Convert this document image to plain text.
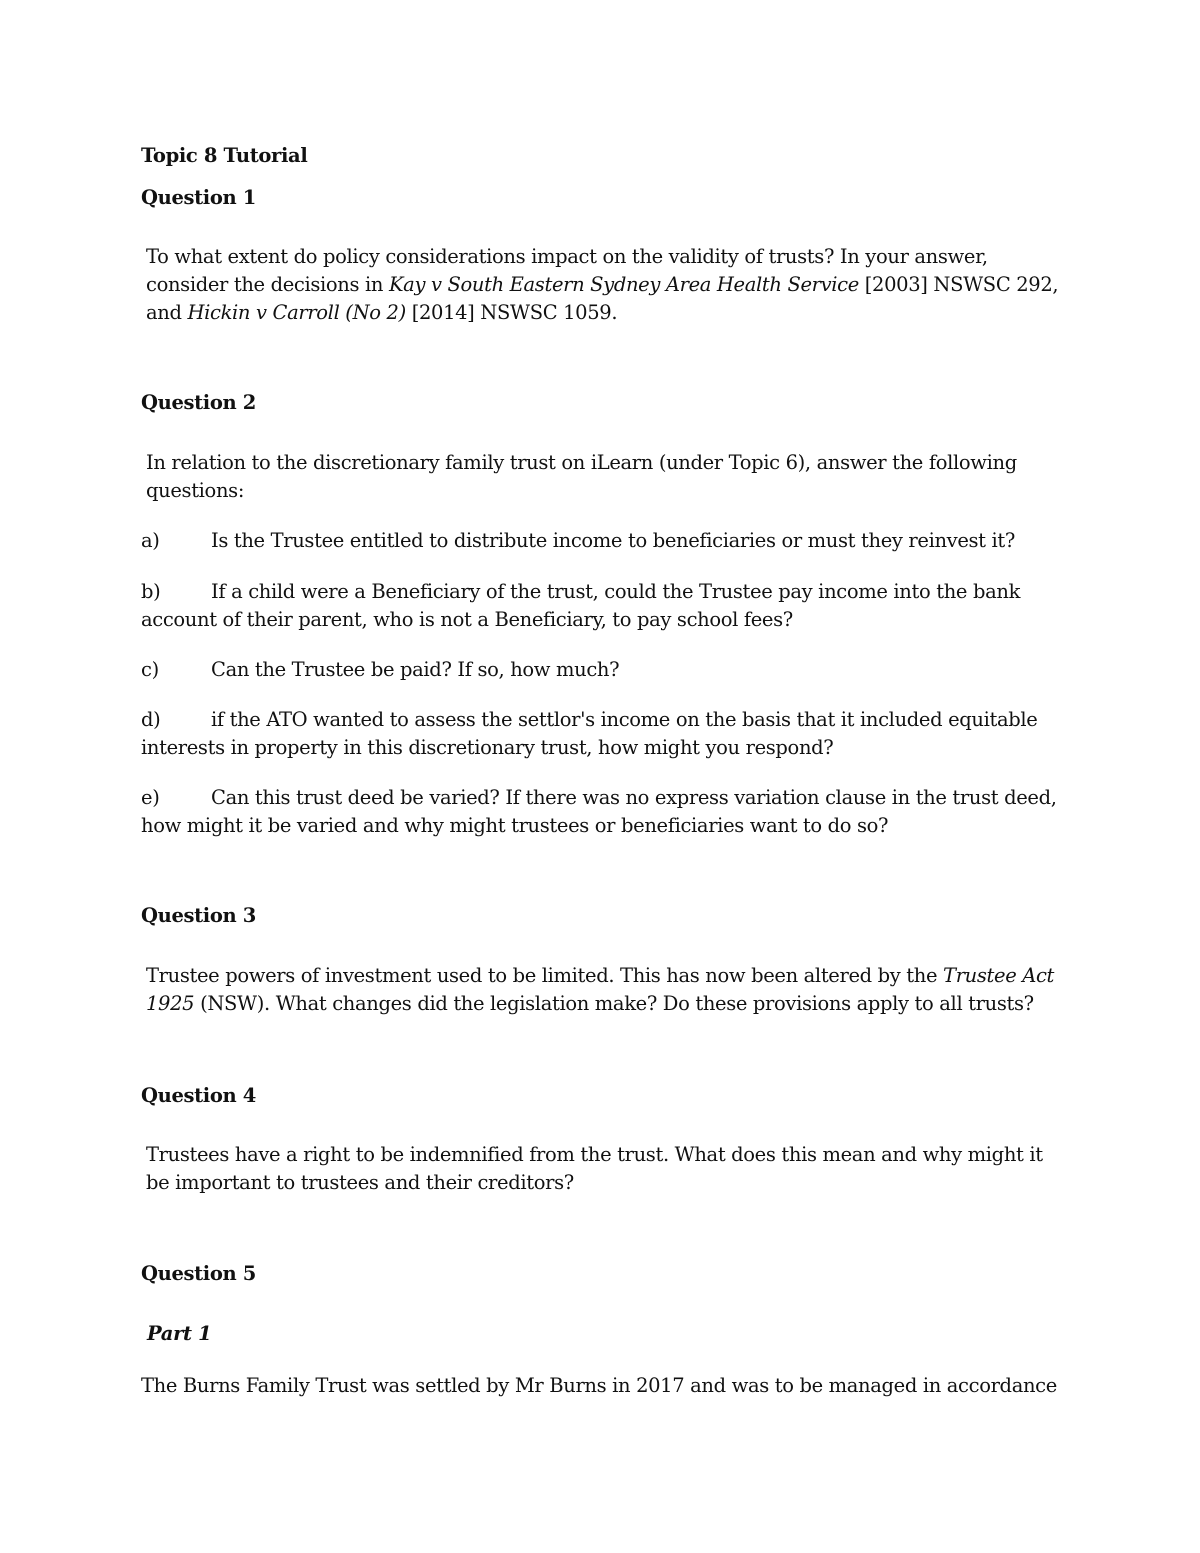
Topic 8 Tutorial
Question 1

To what extent do policy considerations impact on the validity of trusts? In your answer, consider the decisions in Kay v South Eastern Sydney Area Health Service [2003] NSWSC 292, and Hickin v Carroll (No 2) [2014] NSWSC 1059.

Question 2

In relation to the discretionary family trust on iLearn (under Topic 6), answer the following questions:

a)	Is the Trustee entitled to distribute income to beneficiaries or must they reinvest it?

b)	If a child were a Beneficiary of the trust, could the Trustee pay income into the bank account of their parent, who is not a Beneficiary, to pay school fees?

c)	Can the Trustee be paid? If so, how much?

d)	if the ATO wanted to assess the settlor's income on the basis that it included equitable interests in property in this discretionary trust, how might you respond?

e)	Can this trust deed be varied? If there was no express variation clause in the trust deed, how might it be varied and why might trustees or beneficiaries want to do so?

Question 3

Trustee powers of investment used to be limited. This has now been altered by the Trustee Act 1925 (NSW). What changes did the legislation make? Do these provisions apply to all trusts?

Question 4

Trustees have a right to be indemnified from the trust. What does this mean and why might it be important to trustees and their creditors?

Question 5
Part 1

The Burns Family Trust was settled by Mr Burns in 2017 and was to be managed in accordance
